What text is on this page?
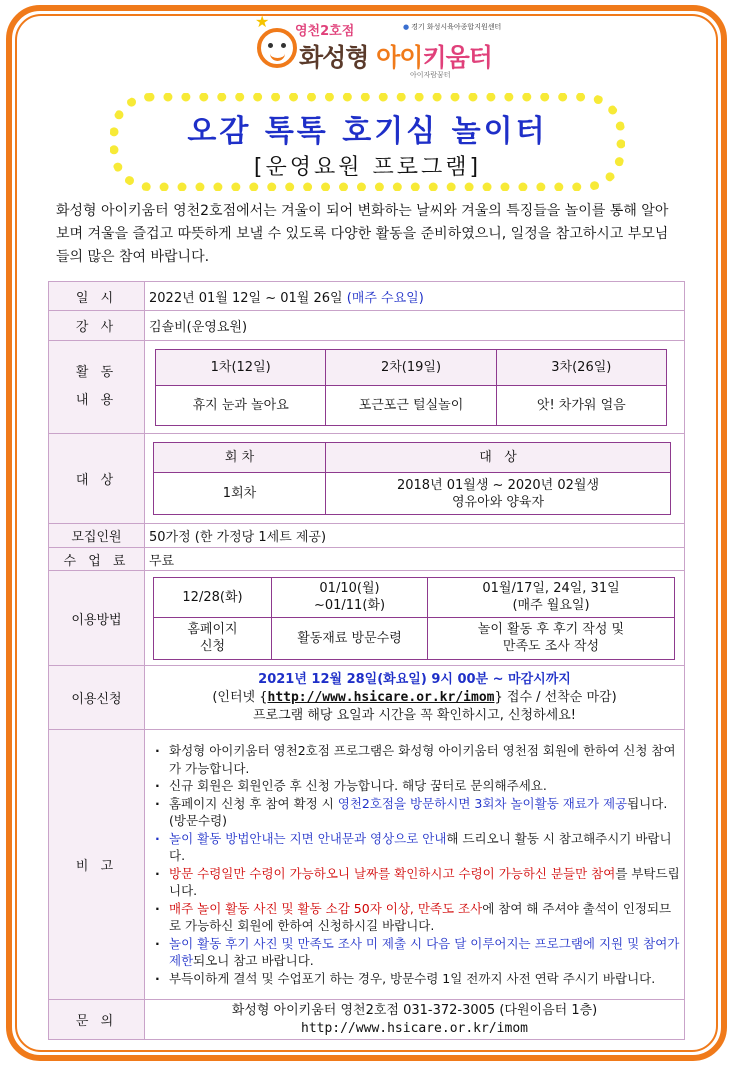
★
영천2호점
●	경기 화성시육아종합지원센터
화성형 아이키움터
아이자람꿈터
오감 톡톡 호기심 놀이터
[운영요원 프로그램]

화성형 아이키움터 영천2호점에서는 겨울이 되어 변화하는 날씨와 겨울의 특징들을 놀이를 통해 알아보며 겨울을 즐겁고 따뜻하게 보낼 수 있도록 다양한 활동을 준비하였으니, 일정을 참고하시고 부모님들의 많은 참여 바랍니다.

일 시	2022년 01월 12일 ~ 01월 26일 (매주 수요일)
강 사	김솔비(운영요원)
활 동
내 용	
1차(12일)	2차(19일)	3차(26일)
휴지 눈과 놀아요	포근포근 털실놀이	앗! 차가워 얼음

대 상	
회 차	대   상
1회차	2018년 01월생 ~ 2020년 02월생
영유아와 양육자

모집인원	50가정 (한 가정당 1세트 제공)
수 업 료	무료
이용방법	
12/28(화)	01/10(월)
~01/11(화)	01월/17일, 24일, 31일
(매주 월요일)
홈페이지
신청	활동재료 방문수령	놀이 활동 후 후기 작성 및
만족도 조사 작성

이용신청	
2021년 12월 28일(화요일) 9시 00분 ~ 마감시까지
(인터넷 {http://www.hsicare.or.kr/imom} 접수 / 선착순 마감)
프로그램 해당 요일과 시간을 꼭 확인하시고, 신청하세요!

비 고	
· 화성형 아이키움터 영천2호점 프로그램은 화성형 아이키움터 영천점 회원에 한하여 신청 참여가 가능합니다.
· 신규 회원은 회원인증 후 신청 가능합니다. 해당 꿈터로 문의해주세요.
· 홈페이지 신청 후 참여 확정 시 영천2호점을 방문하시면 3회차 놀이활동 재료가 제공됩니다.(방문수령)
· 놀이 활동 방법안내는 지면 안내문과 영상으로 안내해 드리오니 활동 시 참고해주시기 바랍니다.
· 방문 수령일만 수령이 가능하오니 날짜를 확인하시고 수령이 가능하신 분들만 참여를 부탁드립니다.
· 매주 놀이 활동 사진 및 활동 소감 50자 이상, 만족도 조사에 참여 해 주셔야 출석이 인정되므로 가능하신 회원에 한하여 신청하시길 바랍니다.
· 놀이 활동 후기 사진 및 만족도 조사 미 제출 시 다음 달 이루어지는 프로그램에 지원 및 참여가 제한되오니 참고 바랍니다.
· 부득이하게 결석 및 수업포기 하는 경우, 방문수령 1일 전까지 사전 연락 주시기 바랍니다.

문 의	
화성형 아이키움터 영천2호점 031-372-3005 (다원이음터 1층)
http://www.hsicare.or.kr/imom
